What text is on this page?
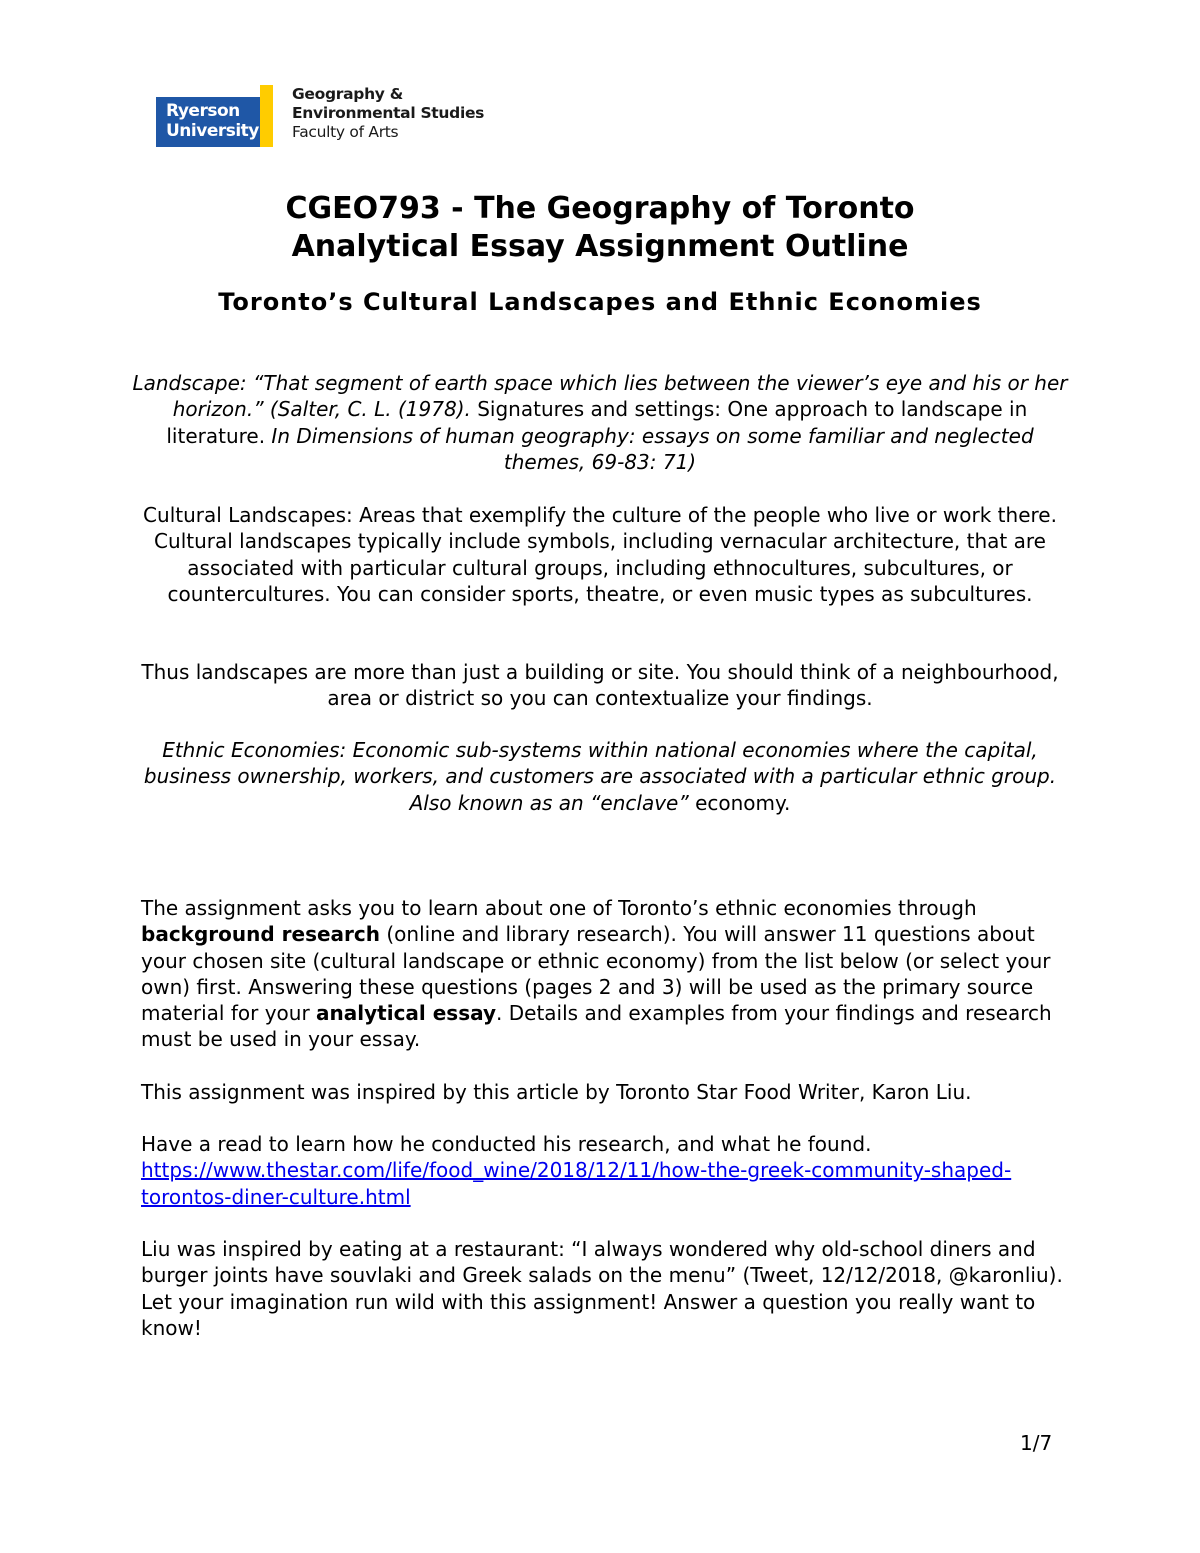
Ryerson
University
Geography &
Environmental Studies
Faculty of Arts
CGEO793 - The Geography of Toronto
Analytical Essay Assignment Outline
Toronto’s Cultural Landscapes and Ethnic Economies
Landscape: “That segment of earth space which lies between the viewer’s eye and his or her horizon.” (Salter, C. L. (1978). Signatures and settings: One approach to landscape in literature. In Dimensions of human geography: essays on some familiar and neglected themes, 69-83: 71)
Cultural Landscapes: Areas that exemplify the culture of the people who live or work there. Cultural landscapes typically include symbols, including vernacular architecture, that are associated with particular cultural groups, including ethnocultures, subcultures, or countercultures. You can consider sports, theatre, or even music types as subcultures.
Thus landscapes are more than just a building or site. You should think of a neighbourhood, area or district so you can contextualize your findings.
Ethnic Economies: Economic sub-systems within national economies where the capital, business ownership, workers, and customers are associated with a particular ethnic group. Also known as an “enclave” economy.
The assignment asks you to learn about one of Toronto’s ethnic economies through background research (online and library research). You will answer 11 questions about your chosen site (cultural landscape or ethnic economy) from the list below (or select your own) first. Answering these questions (pages 2 and 3) will be used as the primary source material for your analytical essay. Details and examples from your findings and research must be used in your essay.
This assignment was inspired by this article by Toronto Star Food Writer, Karon Liu.
Have a read to learn how he conducted his research, and what he found.
https://www.thestar.com/life/food_wine/2018/12/11/how-the-greek-community-shaped-torontos-diner-culture.html
Liu was inspired by eating at a restaurant: “I always wondered why old-school diners and burger joints have souvlaki and Greek salads on the menu” (Tweet, 12/12/2018, @karonliu). Let your imagination run wild with this assignment! Answer a question you really want to know!
1/7
